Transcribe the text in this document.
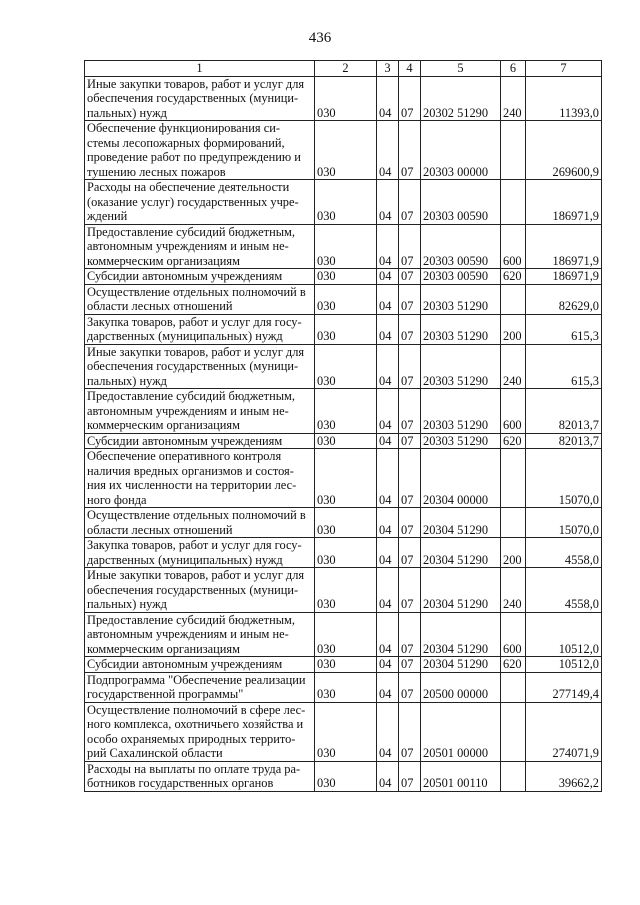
436
1	2	3	4	5	6	7
Иные закупки товаров, работ и услуг для обеспечения государственных (муници-пальных) нужд	030	04	07	20302 51290	240	11393,0
Обеспечение функционирования си-стемы лесопожарных формирований, проведение работ по предупреждению и тушению лесных пожаров	030	04	07	20303 00000		269600,9
Расходы на обеспечение деятельности (оказание услуг) государственных учре-ждений	030	04	07	20303 00590		186971,9
Предоставление субсидий бюджетным, автономным учреждениям и иным не-коммерческим организациям	030	04	07	20303 00590	600	186971,9
Субсидии автономным учреждениям	030	04	07	20303 00590	620	186971,9
Осуществление отдельных полномочий в области лесных отношений	030	04	07	20303 51290		82629,0
Закупка товаров, работ и услуг для госу-дарственных (муниципальных) нужд	030	04	07	20303 51290	200	615,3
Иные закупки товаров, работ и услуг для обеспечения государственных (муници-пальных) нужд	030	04	07	20303 51290	240	615,3
Предоставление субсидий бюджетным, автономным учреждениям и иным не-коммерческим организациям	030	04	07	20303 51290	600	82013,7
Субсидии автономным учреждениям	030	04	07	20303 51290	620	82013,7
Обеспечение оперативного контроля наличия вредных организмов и состоя-ния их численности на территории лес-ного фонда	030	04	07	20304 00000		15070,0
Осуществление отдельных полномочий в области лесных отношений	030	04	07	20304 51290		15070,0
Закупка товаров, работ и услуг для госу-дарственных (муниципальных) нужд	030	04	07	20304 51290	200	4558,0
Иные закупки товаров, работ и услуг для обеспечения государственных (муници-пальных) нужд	030	04	07	20304 51290	240	4558,0
Предоставление субсидий бюджетным, автономным учреждениям и иным не-коммерческим организациям	030	04	07	20304 51290	600	10512,0
Субсидии автономным учреждениям	030	04	07	20304 51290	620	10512,0
Подпрограмма "Обеспечение реализации государственной программы"	030	04	07	20500 00000		277149,4
Осуществление полномочий в сфере лес-ного комплекса, охотничьего хозяйства и особо охраняемых природных террито-рий Сахалинской области	030	04	07	20501 00000		274071,9
Расходы на выплаты по оплате труда ра-ботников государственных органов	030	04	07	20501 00110		39662,2
